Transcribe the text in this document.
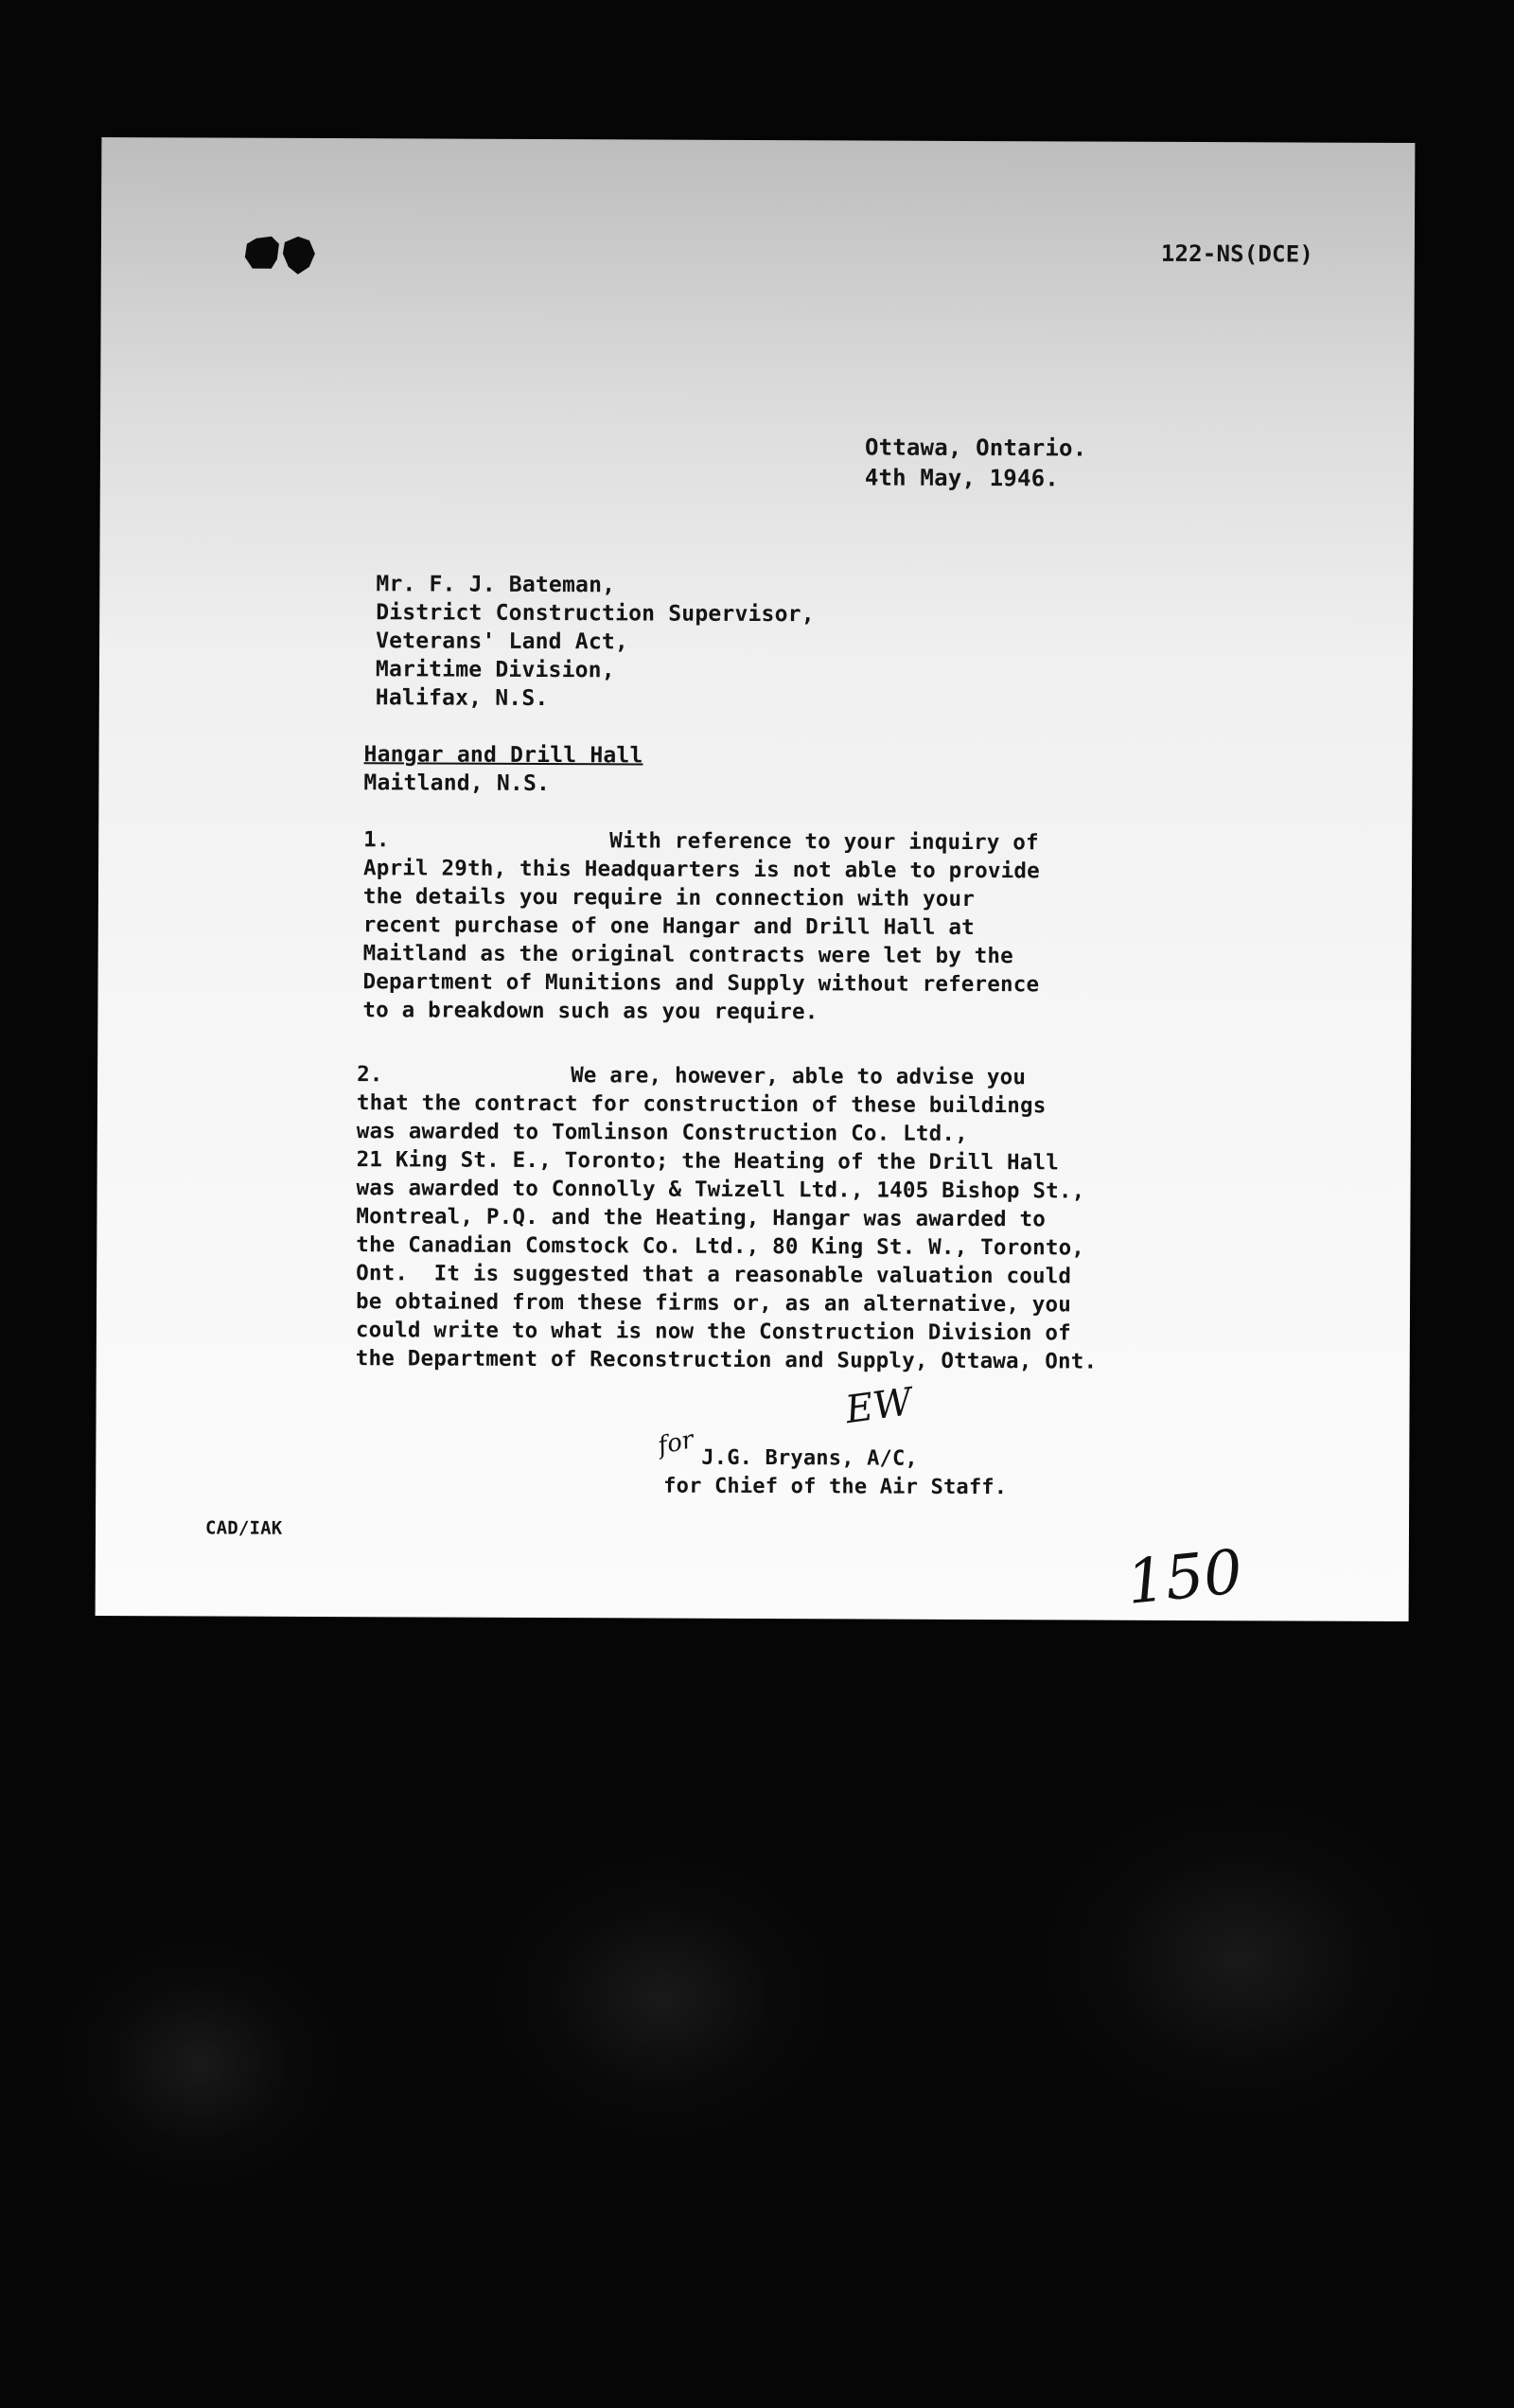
122-NS(DCE)
Ottawa, Ontario.
4th May, 1946.
Mr. F. J. Bateman,
District Construction Supervisor,
Veterans' Land Act,
Maritime Division,
Halifax, N.S.
Hangar and Drill Hall
Maitland, N.S.
1.	With reference to your inquiry of
April 29th, this Headquarters is not able to provide
the details you require in connection with your
recent purchase of one Hangar and Drill Hall at
Maitland as the original contracts were let by the
Department of Munitions and Supply without reference
to a breakdown such as you require.
2.	We are, however, able to advise you
that the contract for construction of these buildings
was awarded to Tomlinson Construction Co. Ltd.,
21 King St. E., Toronto; the Heating of the Drill Hall
was awarded to Connolly & Twizell Ltd., 1405 Bishop St.,
Montreal, P.Q. and the Heating, Hangar was awarded to
the Canadian Comstock Co. Ltd., 80 King St. W., Toronto,
Ont.  It is suggested that a reasonable valuation could
be obtained from these firms or, as an alternative, you
could write to what is now the Construction Division of
the Department of Reconstruction and Supply, Ottawa, Ont.
EW
for J.G. Bryans, A/C,
for Chief of the Air Staff.
CAD/IAK
150
